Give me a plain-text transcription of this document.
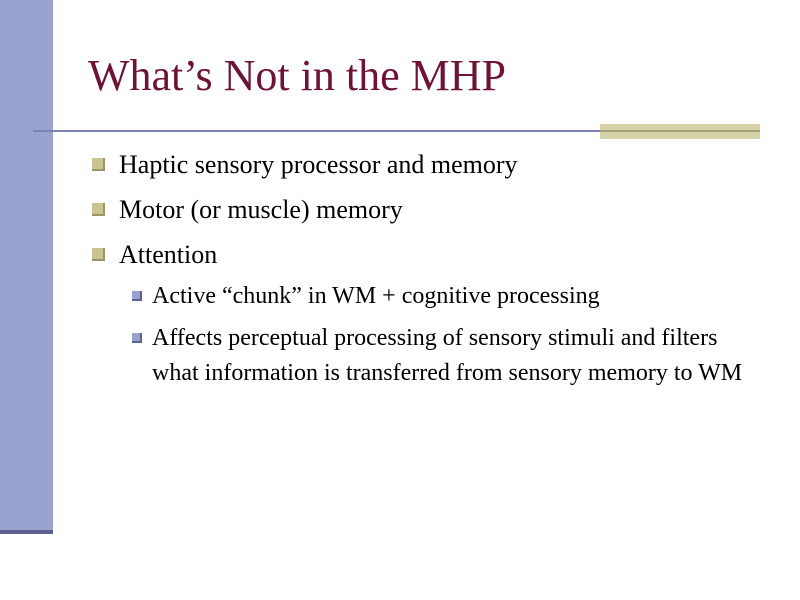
What’s Not in the MHP
Haptic sensory processor and memory
Motor (or muscle) memory
Attention
Active “chunk” in WM + cognitive processing
Affects perceptual processing of sensory stimuli and filters what information is transferred from sensory memory to WM
